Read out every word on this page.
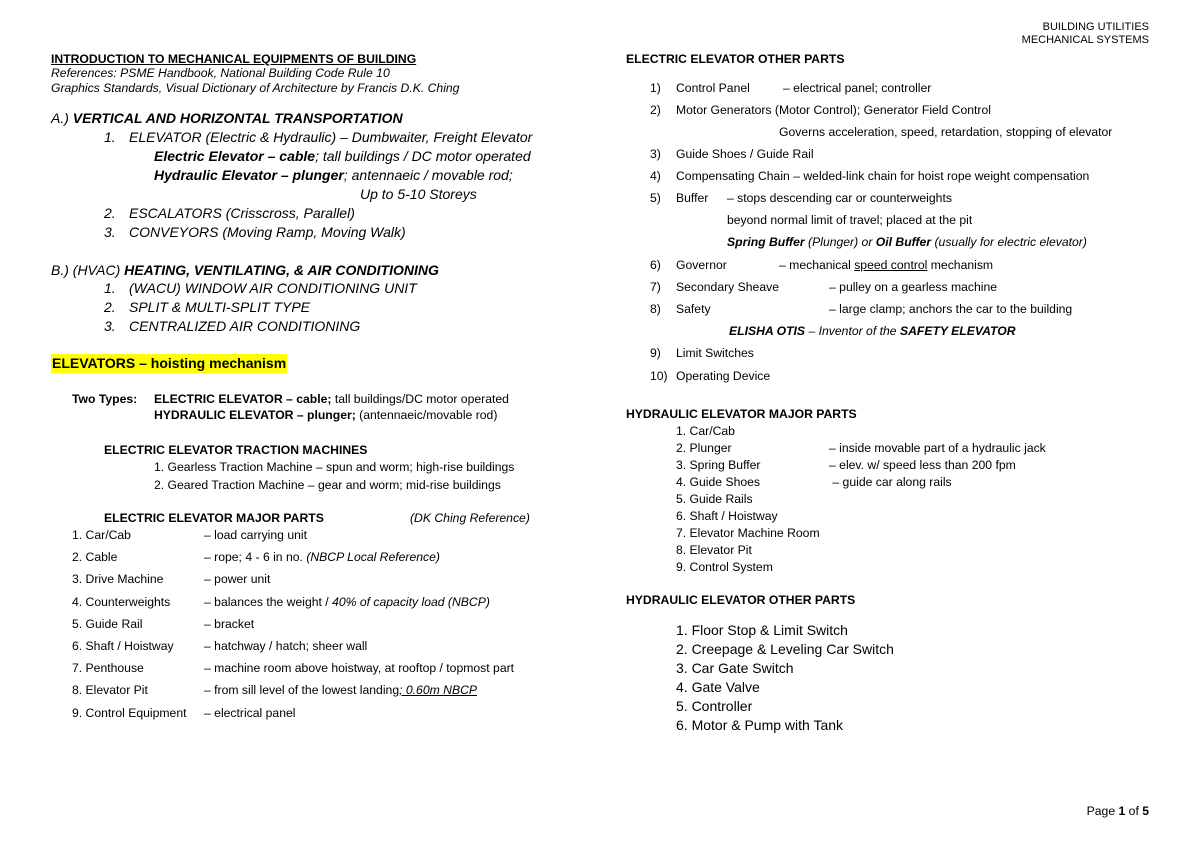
BUILDING UTILITIES
MECHANICAL SYSTEMS
INTRODUCTION TO MECHANICAL EQUIPMENTS OF BUILDING
References: PSME Handbook, National Building Code Rule 10
Graphics Standards, Visual Dictionary of Architecture by Francis D.K. Ching
A.) VERTICAL AND HORIZONTAL TRANSPORTATION
1. ELEVATOR (Electric & Hydraulic) – Dumbwaiter, Freight Elevator
Electric Elevator – cable; tall buildings / DC motor operated
Hydraulic Elevator – plunger; antennaeic / movable rod;
Up to 5-10 Storeys
2. ESCALATORS (Crisscross, Parallel)
3. CONVEYORS (Moving Ramp, Moving Walk)
B.) (HVAC) HEATING, VENTILATING, & AIR CONDITIONING
1. (WACU) WINDOW AIR CONDITIONING UNIT
2. SPLIT & MULTI-SPLIT TYPE
3. CENTRALIZED AIR CONDITIONING
ELEVATORS – hoisting mechanism
Two Types: ELECTRIC ELEVATOR – cable; tall buildings/DC motor operated
HYDRAULIC ELEVATOR – plunger; (antennaeic/movable rod)
ELECTRIC ELEVATOR TRACTION MACHINES
1. Gearless Traction Machine – spun and worm; high-rise buildings
2. Geared Traction Machine – gear and worm; mid-rise buildings
ELECTRIC ELEVATOR MAJOR PARTS	(DK Ching Reference)
1. Car/Cab	– load carrying unit
2. Cable	– rope; 4 - 6 in no. (NBCP Local Reference)
3. Drive Machine	– power unit
4. Counterweights	– balances the weight / 40% of capacity load (NBCP)
5. Guide Rail	– bracket
6. Shaft / Hoistway – hatchway / hatch; sheer wall
7. Penthouse	– machine room above hoistway, at rooftop / topmost part
8. Elevator Pit	– from sill level of the lowest landing; 0.60m NBCP
9. Control Equipment – electrical panel
ELECTRIC ELEVATOR OTHER PARTS
1) Control Panel	– electrical panel; controller
2) Motor Generators (Motor Control); Generator Field Control
Governs acceleration, speed, retardation, stopping of elevator
3) Guide Shoes / Guide Rail
4) Compensating Chain – welded-link chain for hoist rope weight compensation
5) Buffer – stops descending car or counterweights
beyond normal limit of travel; placed at the pit
Spring Buffer (Plunger) or Oil Buffer (usually for electric elevator)
6) Governor	– mechanical speed control mechanism
7) Secondary Sheave	– pulley on a gearless machine
8) Safety	– large clamp; anchors the car to the building
ELISHA OTIS – Inventor of the SAFETY ELEVATOR
9) Limit Switches
10) Operating Device
HYDRAULIC ELEVATOR MAJOR PARTS
1. Car/Cab
2. Plunger	– inside movable part of a hydraulic jack
3. Spring Buffer	– elev. w/ speed less than 200 fpm
4. Guide Shoes	– guide car along rails
5. Guide Rails
6. Shaft / Hoistway
7. Elevator Machine Room
8. Elevator Pit
9. Control System
HYDRAULIC ELEVATOR OTHER PARTS
1. Floor Stop & Limit Switch
2. Creepage & Leveling Car Switch
3. Car Gate Switch
4. Gate Valve
5. Controller
6. Motor & Pump with Tank
Page 1 of 5
